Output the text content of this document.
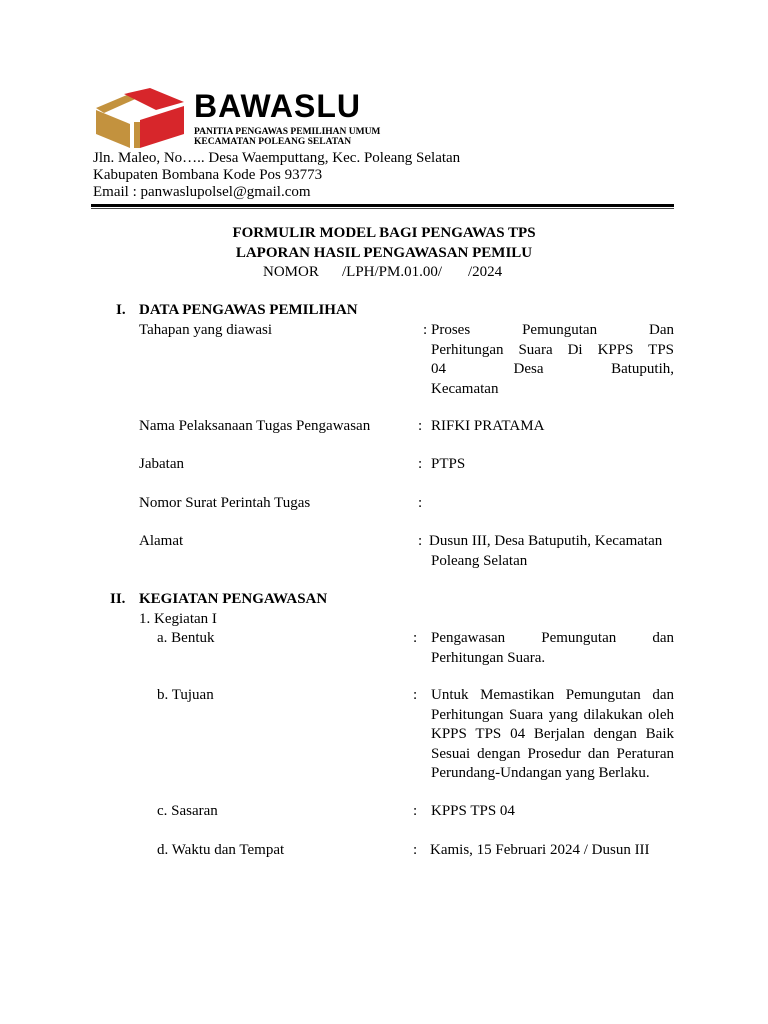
BAWASLU
PANITIA PENGAWAS PEMILIHAN UMUM
KECAMATAN POLEANG SELATAN
Jln. Maleo, No….. Desa Waemputtang, Kec. Poleang Selatan
Kabupaten Bombana Kode Pos 93773
Email : panwaslupolsel@gmail.com
FORMULIR MODEL BAGI PENGAWAS TPS
LAPORAN HASIL PENGAWASAN PEMILU
NOMOR /LPH/PM.01.00/ /2024
I. DATA PENGAWAS PEMILIHAN
Tahapan yang diawasi	: Proses Pemungutan Dan
Perhitungan Suara Di KPPS TPS
04 Desa Batuputih,
Kecamatan
Nama Pelaksanaan Tugas Pengawasan	: RIFKI PRATAMA
Jabatan	: PTPS
Nomor Surat Perintah Tugas	:
Alamat	: Dusun III, Desa Batuputih, Kecamatan
Poleang Selatan
II. KEGIATAN PENGAWASAN
1. Kegiatan I
a. Bentuk	: Pengawasan Pemungutan dan
Perhitungan Suara.
b. Tujuan	: Untuk Memastikan Pemungutan dan
Perhitungan Suara yang dilakukan oleh
KPPS TPS 04 Berjalan dengan Baik
Sesuai dengan Prosedur dan Peraturan
Perundang-Undangan yang Berlaku.
c. Sasaran	: KPPS TPS 04
d. Waktu dan Tempat	: Kamis, 15 Februari 2024 / Dusun III
